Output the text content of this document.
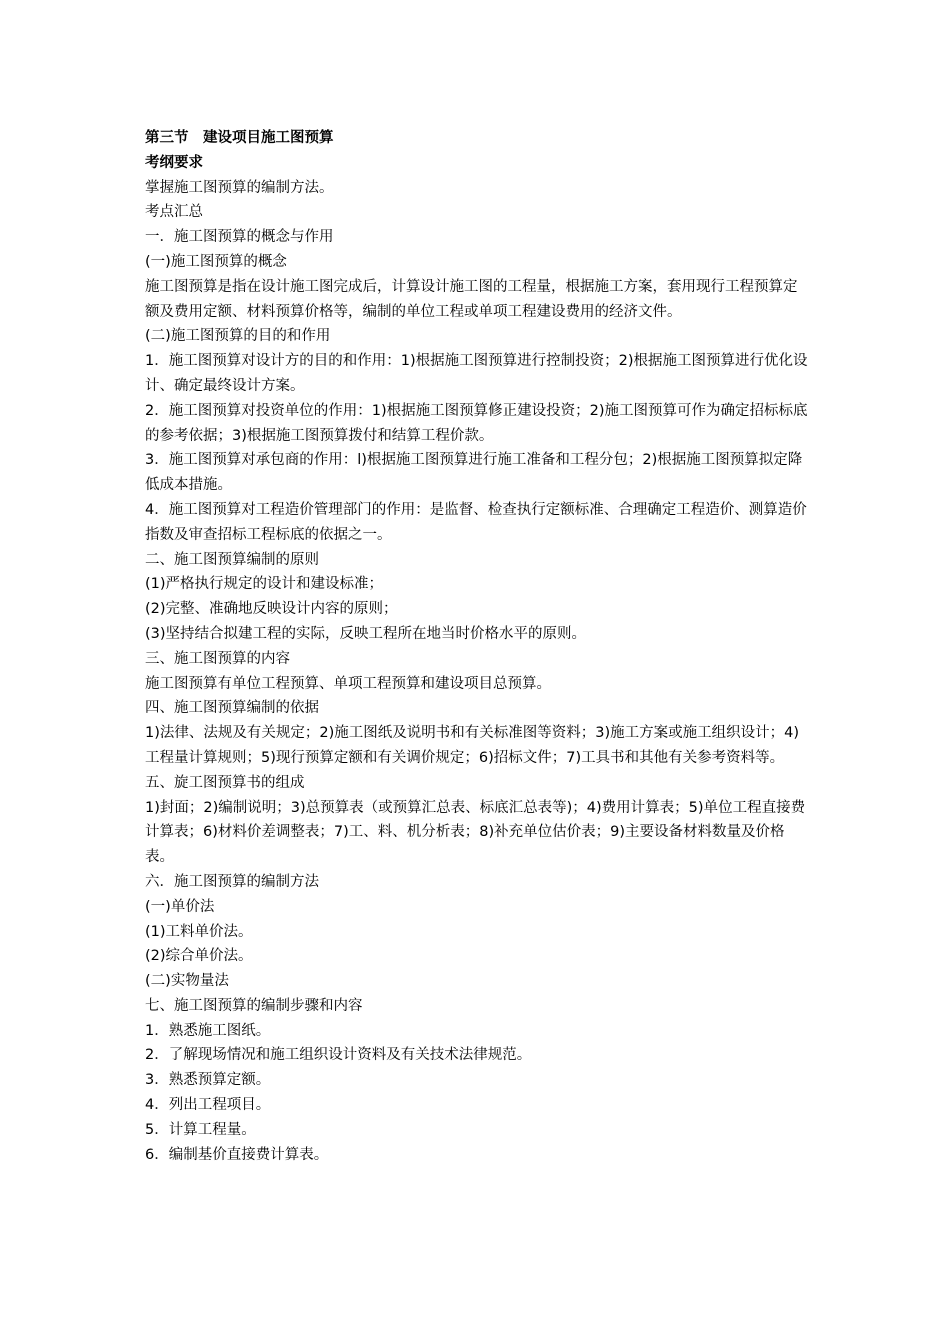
第三节　建设项目施工图预算

考纲要求

掌握施工图预算的编制方法。

考点汇总

一．施工图预算的概念与作用

(一)施工图预算的概念

施工图预算是指在设计施工图完成后，计算设计施工图的工程量，根据施工方案，套用现行工程预算定额及费用定额、材料预算价格等，编制的单位工程或单项工程建设费用的经济文件。

(二)施工图预算的目的和作用

1．施工图预算对设计方的目的和作用：1)根据施工图预算进行控制投资；2)根据施工图预算进行优化设计、确定最终设计方案。

2．施工图预算对投资单位的作用：1)根据施工图预算修正建设投资；2)施工图预算可作为确定招标标底的参考依据；3)根据施工图预算拨付和结算工程价款。

3．施工图预算对承包商的作用：l)根据施工图预算进行施工准备和工程分包；2)根据施工图预算拟定降低成本措施。

4．施工图预算对工程造价管理部门的作用：是监督、检查执行定额标准、合理确定工程造价、测算造价指数及审查招标工程标底的依据之一。

二、施工图预算编制的原则

(1)严格执行规定的设计和建设标准；

(2)完整、准确地反映设计内容的原则；

(3)坚持结合拟建工程的实际，反映工程所在地当时价格水平的原则。

三、施工图预算的内容

施工图预算有单位工程预算、单项工程预算和建设项目总预算。

四、施工图预算编制的依据

1)法律、法规及有关规定；2)施工图纸及说明书和有关标准图等资料；3)施工方案或施工组织设计；4)工程量计算规则；5)现行预算定额和有关调价规定；6)招标文件；7)工具书和其他有关参考资料等。

五、旋工图预算书的组成

1)封面；2)编制说明；3)总预算表（或预算汇总表、标底汇总表等)；4)费用计算表；5)单位工程直接费计算表；6)材料价差调整表；7)工、料、机分析表；8)补充单位估价表；9)主要设备材料数量及价格表。

六．施工图预算的编制方法

(一)单价法

(1)工料单价法。

(2)综合单价法。

(二)实物量法

七、施工图预算的编制步骤和内容

1．熟悉施工图纸。

2．了解现场情况和施工组织设计资料及有关技术法律规范。

3．熟悉预算定额。

4．列出工程项目。

5．计算工程量。

6．编制基价直接费计算表。
